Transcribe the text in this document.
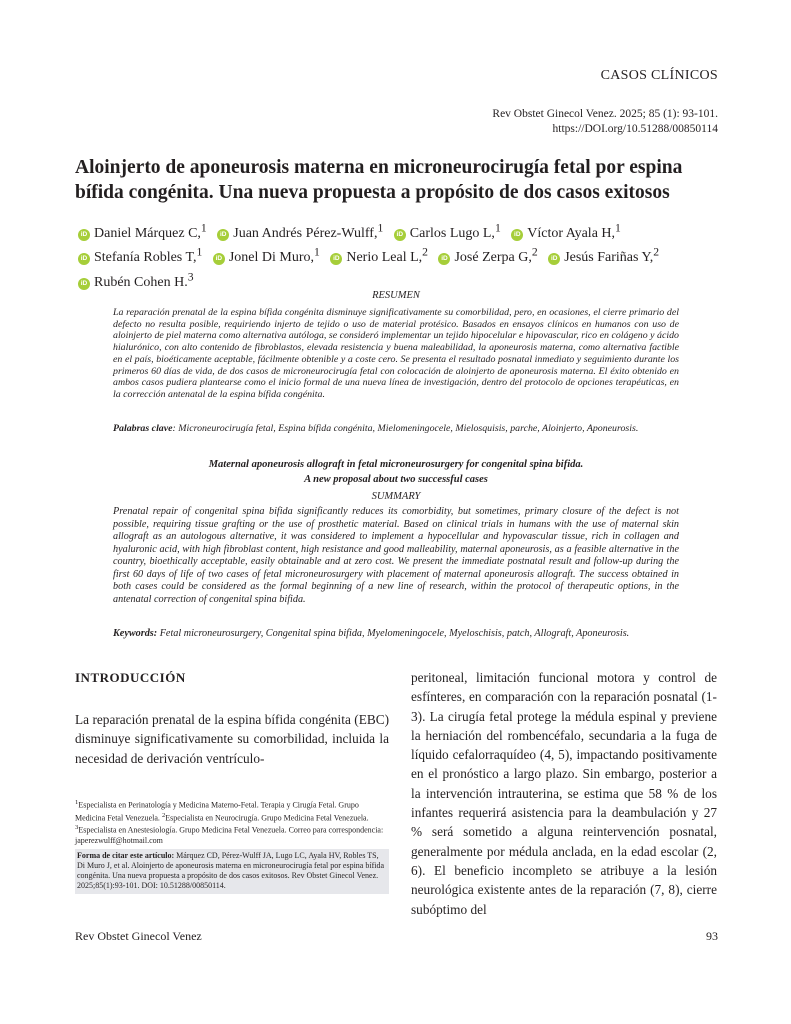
CASOS CLÍNICOS
Rev Obstet Ginecol Venez. 2025; 85 (1): 93-101.
https://DOI.org/10.51288/00850114
Aloinjerto de aponeurosis materna en microneurocirugía fetal por espina
bífida congénita. Una nueva propuesta a propósito de dos casos exitosos
iD Daniel Márquez C,$^1$ iD Juan Andrés Pérez-Wulff,$^1$ iD Carlos Lugo L,$^1$ iD Víctor Ayala H,$^1$
iD Stefanía Robles T,$^1$ iD Jonel Di Muro,$^1$ iD Nerio Leal L,$^2$ iD José Zerpa G,$^2$ iD Jesús Fariñas Y,$^2$
iD Rubén Cohen H.$^3$
RESUMEN
La reparación prenatal de la espina bífida congénita disminuye significativamente su comorbilidad, pero, en ocasiones, el cierre primario del defecto no resulta posible, requiriendo injerto de tejido o uso de material protésico. Basados en ensayos clínicos en humanos con uso de aloinjerto de piel materna como alternativa autóloga, se consideró implementar un tejido hipocelular e hipovascular, rico en colágeno y ácido hialurónico, con alto contenido de fibroblastos, elevada resistencia y buena maleabilidad, la aponeurosis materna, como alternativa factible en el país, bioéticamente aceptable, fácilmente obtenible y a coste cero. Se presenta el resultado posnatal inmediato y seguimiento durante los primeros 60 días de vida, de dos casos de microneurocirugía fetal con colocación de aloinjerto de aponeurosis materna. El éxito obtenido en ambos casos pudiera plantearse como el inicio formal de una nueva línea de investigación, dentro del protocolo de opciones terapéuticas, en la corrección antenatal de la espina bífida congénita.
Palabras clave: Microneurocirugía fetal, Espina bífida congénita, Mielomeningocele, Mielosquisis, parche, Aloinjerto, Aponeurosis.
Maternal aponeurosis allograft in fetal microneurosurgery for congenital spina bifida.
A new proposal about two successful cases
SUMMARY
Prenatal repair of congenital spina bifida significantly reduces its comorbidity, but sometimes, primary closure of the defect is not possible, requiring tissue grafting or the use of prosthetic material. Based on clinical trials in humans with the use of maternal skin allograft as an autologous alternative, it was considered to implement a hypocellular and hypovascular tissue, rich in collagen and hyaluronic acid, with high fibroblast content, high resistance and good malleability, maternal aponeurosis, as a feasible alternative in the country, bioethically acceptable, easily obtainable and at zero cost. We present the immediate postnatal result and follow-up during the first 60 days of life of two cases of fetal microneurosurgery with placement of maternal aponeurosis allograft. The success obtained in both cases could be considered as the formal beginning of a new line of research, within the protocol of therapeutic options, in the antenatal correction of congenital spina bifida.
Keywords: Fetal microneurosurgery, Congenital spina bifida, Myelomeningocele, Myeloschisis, patch, Allograft, Aponeurosis.
INTRODUCCIÓN
La reparación prenatal de la espina bífida congénita (EBC) disminuye significativamente su comorbilidad, incluida la necesidad de derivación ventrículo-
peritoneal, limitación funcional motora y control de esfínteres, en comparación con la reparación posnatal (1-3). La cirugía fetal protege la médula espinal y previene la herniación del rombencéfalo, secundaria a la fuga de líquido cefalorraquídeo (4, 5), impactando positivamente en el pronóstico a largo plazo. Sin embargo, posterior a la intervención intrauterina, se estima que 58 % de los infantes requerirá asistencia para la deambulación y 27 % será sometido a alguna reintervención posnatal, generalmente por médula anclada, en la edad escolar (2, 6). El beneficio incompleto se atribuye a la lesión neurológica existente antes de la reparación (7, 8), cierre subóptimo del

$^1$Especialista en Perinatología y Medicina Materno-Fetal. Terapia y Cirugía Fetal. Grupo Medicina Fetal Venezuela. $^2$Especialista en Neurocirugía. Grupo Medicina Fetal Venezuela.

$^3$Especialista en Anestesiología. Grupo Medicina Fetal Venezuela. Correo para correspondencia: japerezwulff@hotmail.com

Forma de citar este artículo: Márquez CD, Pérez-Wulff JA, Lugo LC, Ayala HV, Robles TS, Di Muro J, et al. Aloinjerto de aponeurosis materna en microneurocirugía fetal por espina bífida congénita. Una nueva propuesta a propósito de dos casos exitosos. Rev Obstet Ginecol Venez. 2025;85(1):93-101. DOI: 10.51288/00850114.
Rev Obstet Ginecol Venez	93
